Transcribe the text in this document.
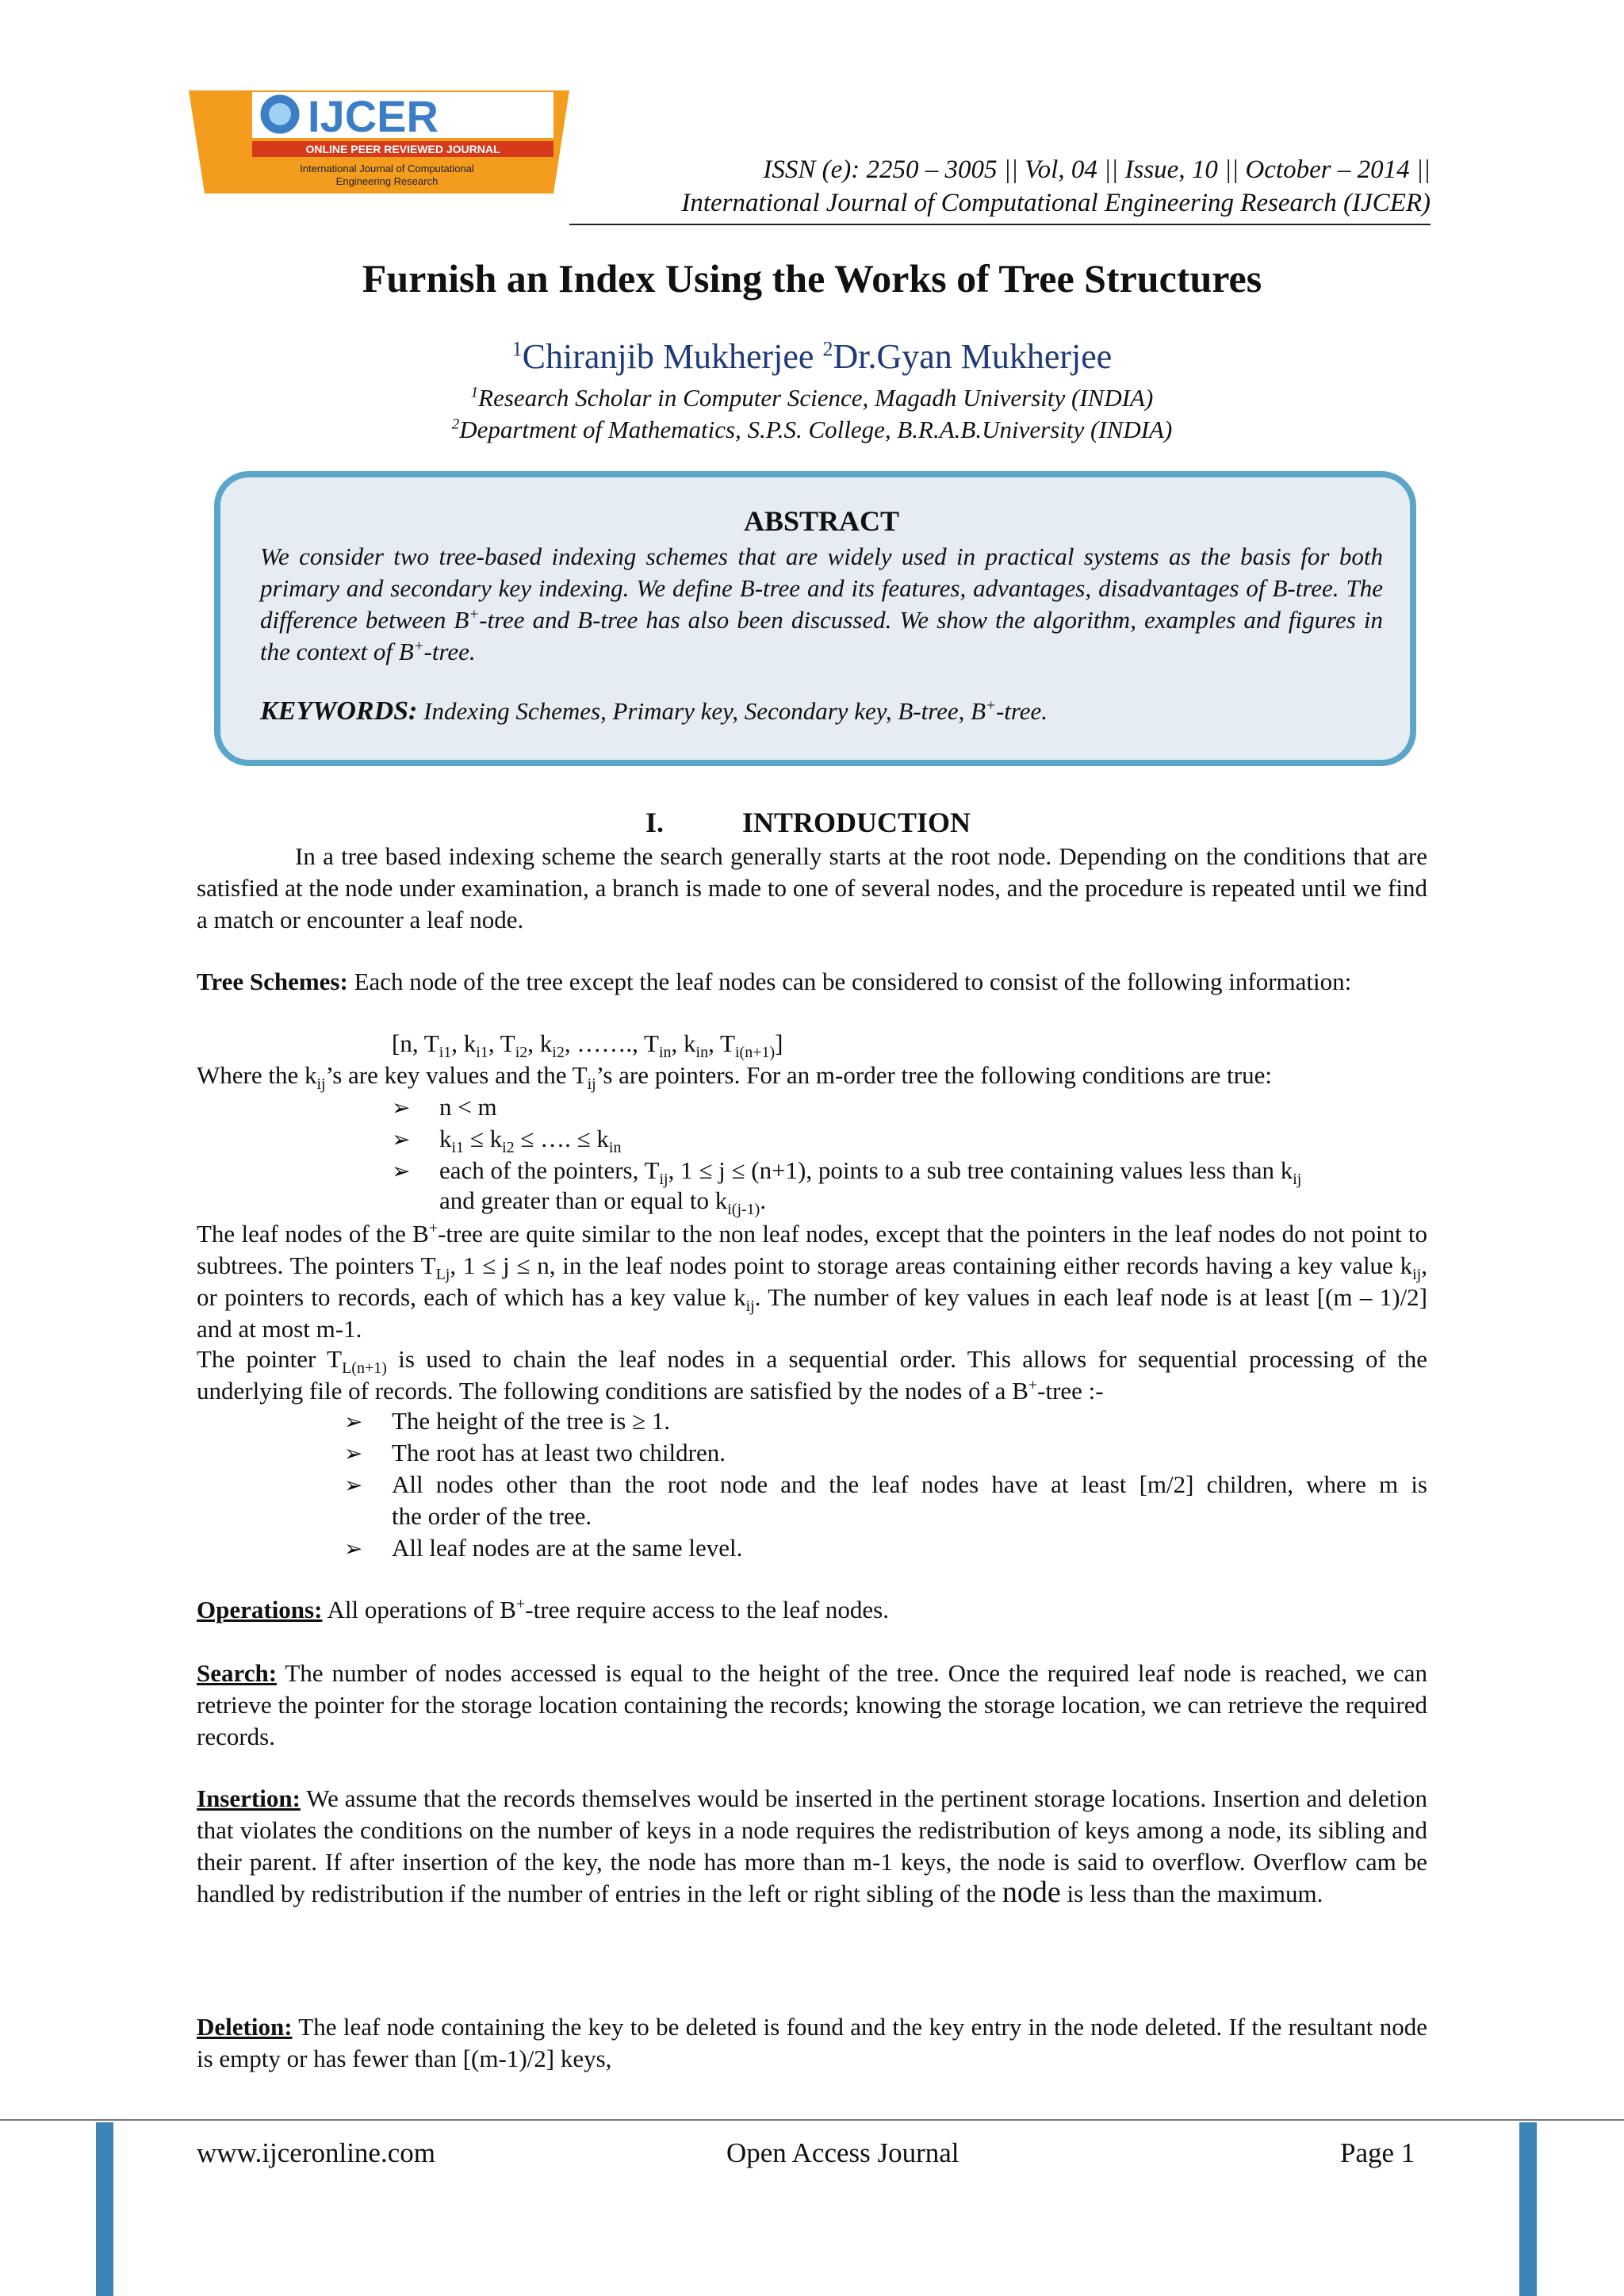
IJCER
ONLINE PEER REVIEWED JOURNAL
International Journal of Computational
Engineering Research	ISSN (e): 2250 – 3005 || Vol, 04 || Issue, 10 || October – 2014 ||
International Journal of Computational Engineering Research (IJCER)
Furnish an Index Using the Works of Tree Structures
$^1$Chiranjib Mukherjee $^2$Dr.Gyan Mukherjee
$^1$Research Scholar in Computer Science, Magadh University (INDIA)
$^2$Department of Mathematics, S.P.S. College, B.R.A.B.University (INDIA)
ABSTRACT
We consider two tree-based indexing schemes that are widely used in practical systems as the basis for both primary and secondary key indexing. We define B-tree and its features, advantages, disadvantages of B-tree. The difference between B+-tree and B-tree has also been discussed. We show the algorithm, examples and figures in the context of B+-tree.
KEYWORDS: Indexing Schemes, Primary key, Secondary key, B-tree, B+-tree.
I.	INTRODUCTION
In a tree based indexing scheme the search generally starts at the root node. Depending on the conditions that are satisfied at the node under examination, a branch is made to one of several nodes, and the procedure is repeated until we find a match or encounter a leaf node.
Tree Schemes: Each node of the tree except the leaf nodes can be considered to consist of the following information:
[n, $T_{i1}$, $k_{i1}$, $T_{i2}$, $k_{i2}$, ……., $T_{in}$, $k_{in}$, $T_{i(n+1)}$]
Where the $k_{ij}’s$ are key values and the $T_{ij}’s$ are pointers. For an m-order tree the following conditions are true:
➢ n < m
➢ $k_{i1} \le k_{i2}$ ≤ …. ≤ $k_{in}$
➢ each of the pointers, $T_{ij}$, 1 ≤ j ≤ (n+1), points to a sub tree containing values less than $k_{ij}$
and greater than or equal to $k_{i(j-1)}$.
The leaf nodes of the B+-tree are quite similar to the non leaf nodes, except that the pointers in the leaf nodes do not point to subtrees. The pointers $T_{Lj}$, 1 ≤ j ≤ n, in the leaf nodes point to storage areas containing either records having a key value $k_{ij}$, or pointers to records, each of which has a key value $k_{ij}$. The number of key values in each leaf node is at least [(m – 1)/2] and at most m-1.
The pointer $T_{L(n+1)}$ is used to chain the leaf nodes in a sequential order. This allows for sequential processing of the underlying file of records. The following conditions are satisfied by the nodes of a B+-tree :-
➢ The height of the tree is ≥ 1.
➢ The root has at least two children.
➢ All nodes other than the root node and the leaf nodes have at least [m/2] children, where m is
the order of the tree.
➢ All leaf nodes are at the same level.
Operations: All operations of B+-tree require access to the leaf nodes.
Search: The number of nodes accessed is equal to the height of the tree. Once the required leaf node is reached, we can retrieve the pointer for the storage location containing the records; knowing the storage location, we can retrieve the required records.
Insertion: We assume that the records themselves would be inserted in the pertinent storage locations. Insertion and deletion that violates the conditions on the number of keys in a node requires the redistribution of keys among a node, its sibling and their parent. If after insertion of the key, the node has more than m-1 keys, the node is said to overflow. Overflow cam be handled by redistribution if the number of entries in the left or right sibling of the node is less than the maximum.
Deletion: The leaf node containing the key to be deleted is found and the key entry in the node deleted. If the resultant node is empty or has fewer than [(m-1)/2] keys,
www.ijceronline.com	Open Access Journal	Page 1
